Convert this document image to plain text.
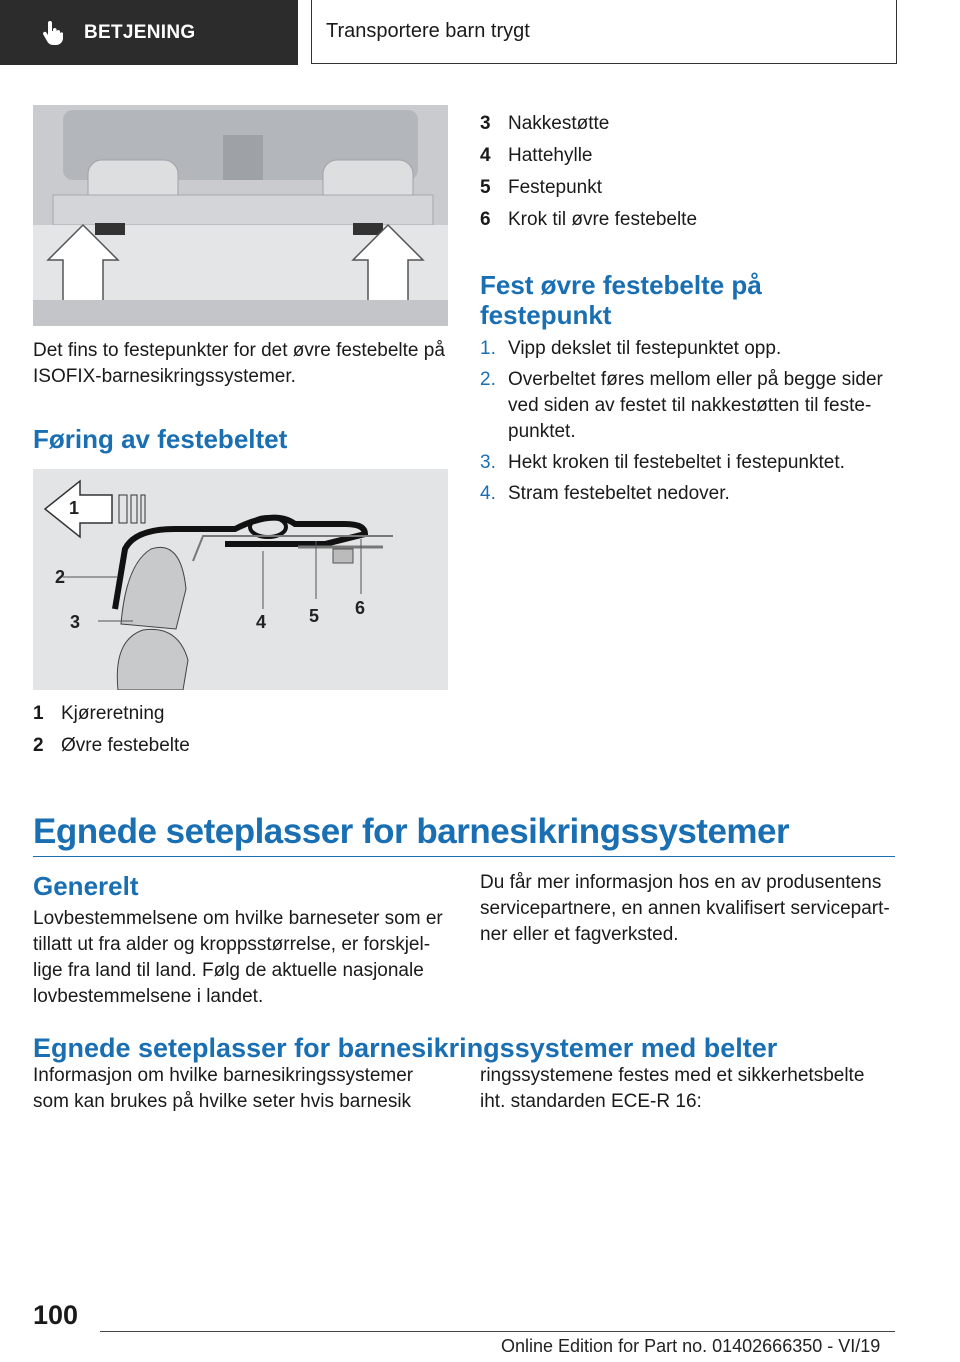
BETJENING	Transportere barn trygt
Det fins to festepunkter for det øvre festebelte på ISOFIX-barnesikringssystemer.
Føring av festebeltet
1
2
3	4 5 6
1 Kjøreretning
2 Øvre festebelte
3 Nakkestøtte
4 Hattehylle
5 Festepunkt
6 Krok til øvre festebelte
Fest øvre festebelte på
festepunkt
1. Vipp dekslet til festepunktet opp.
2. Overbeltet føres mellom eller på begge sider ved siden av festet til nakkestøtten til festepunktet.
3. Hekt kroken til festebeltet i festepunktet.
4. Stram festebeltet nedover.
Egnede seteplasser for barnesikringssystemer
Generelt
Lovbestemmelsene om hvilke barneseter som er tillatt ut fra alder og kroppsstørrelse, er forskjellige fra land til land. Følg de aktuelle nasjonale lovbestemmelsene i landet.
Du får mer informasjon hos en av produsentens servicepartnere, en annen kvalifisert servicepartner eller et fagverksted.
Egnede seteplasser for barnesikringssystemer med belter
Informasjon om hvilke barnesikringssystemer som kan brukes på hvilke seter hvis barnesik
ringssystemene festes med et sikkerhetsbelte iht. standarden ECE-R 16:
100
Online Edition for Part no. 01402666350 - VI/19
